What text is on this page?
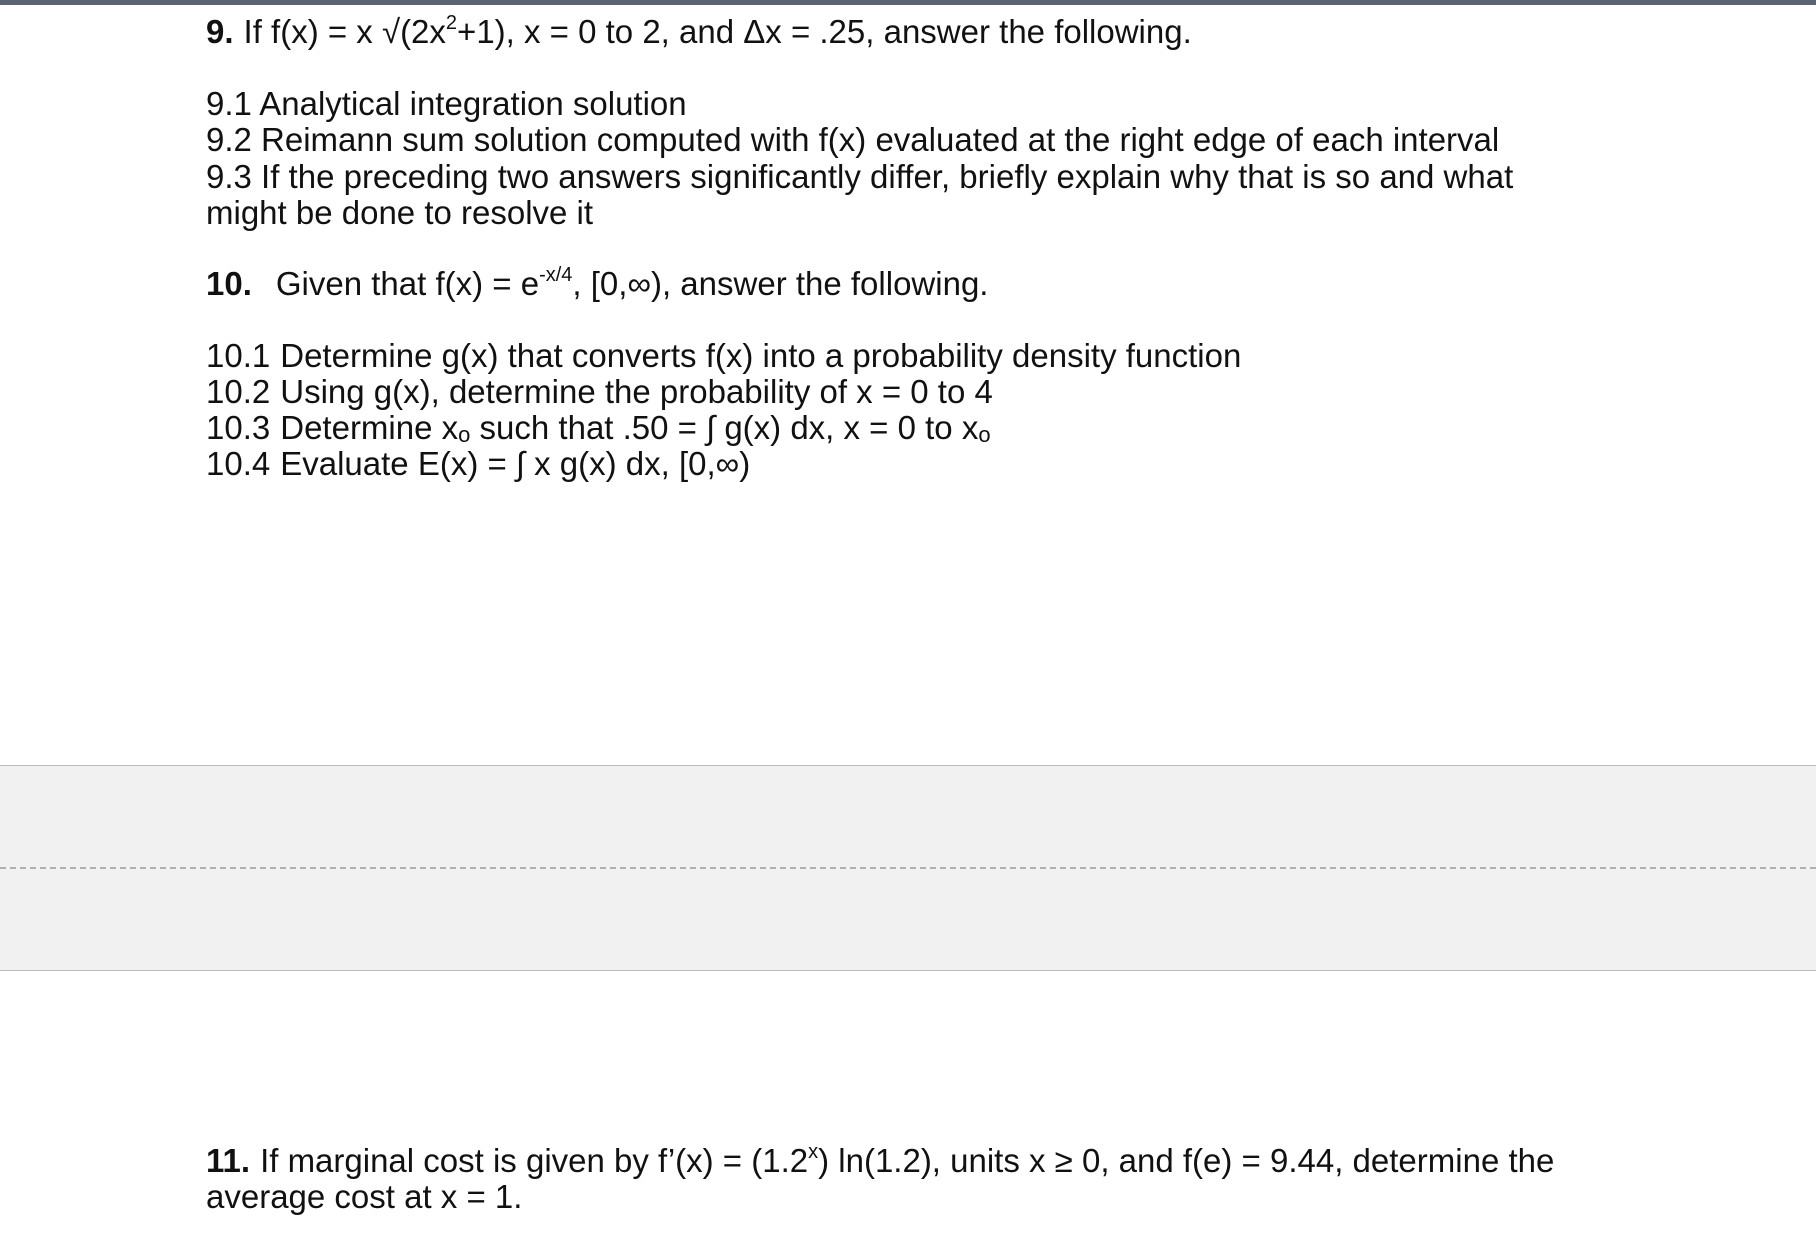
9. If f(x) = x $√(2x^2+1)$, x = 0 to 2, and Δx = .25, answer the following.
9.1 Analytical integration solution
9.2 Reimann sum solution computed with f(x) evaluated at the right edge of each interval
9.3 If the preceding two answers significantly differ, briefly explain why that is so and what
might be done to resolve it
10. Given that $f(x) = e^{-x/4}$, [0,∞), answer the following.
10.1 Determine g(x) that converts f(x) into a probability density function
10.2 Using g(x), determine the probability of x = 0 to 4
10.3 Determine xo such that .50 = ∫ g(x) dx, x = 0 to xo
10.4 Evaluate E(x) = ∫ x g(x) dx, [0,∞)
11. If marginal cost is given by f’(x) = $(1.2^x)$ ln(1.2), units x ≥ 0, and f(e) = 9.44, determine the
average cost at x = 1.
